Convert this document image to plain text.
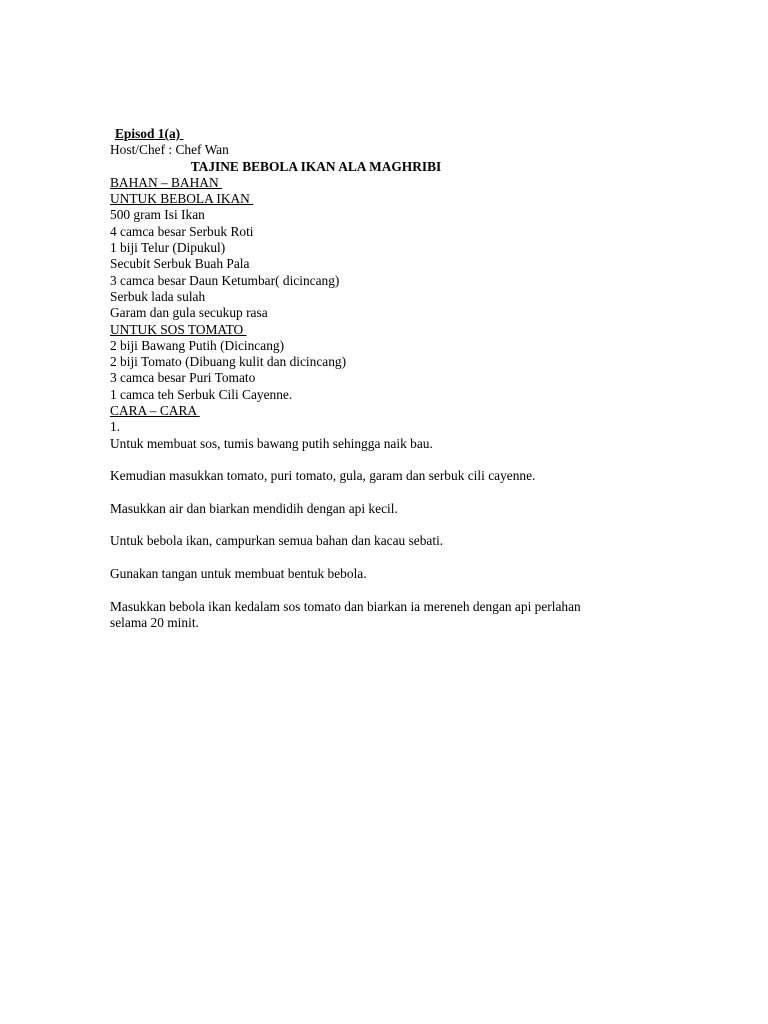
Episod 1(a)
Host/Chef : Chef Wan
TAJINE BEBOLA IKAN ALA MAGHRIBI
BAHAN – BAHAN
UNTUK BEBOLA IKAN
500 gram Isi Ikan
4 camca besar Serbuk Roti
1 biji Telur (Dipukul)
Secubit Serbuk Buah Pala
3 camca besar Daun Ketumbar( dicincang)
Serbuk lada sulah
Garam dan gula secukup rasa
UNTUK SOS TOMATO
2 biji Bawang Putih (Dicincang)
2 biji Tomato (Dibuang kulit dan dicincang)
3 camca besar Puri Tomato
1 camca teh Serbuk Cili Cayenne.
CARA – CARA
1.
Untuk membuat sos, tumis bawang putih sehingga naik bau.
Kemudian masukkan tomato, puri tomato, gula, garam dan serbuk cili cayenne.
Masukkan air dan biarkan mendidih dengan api kecil.
Untuk bebola ikan, campurkan semua bahan dan kacau sebati.
Gunakan tangan untuk membuat bentuk bebola.
Masukkan bebola ikan kedalam sos tomato dan biarkan ia mereneh dengan api perlahan selama 20 minit.
